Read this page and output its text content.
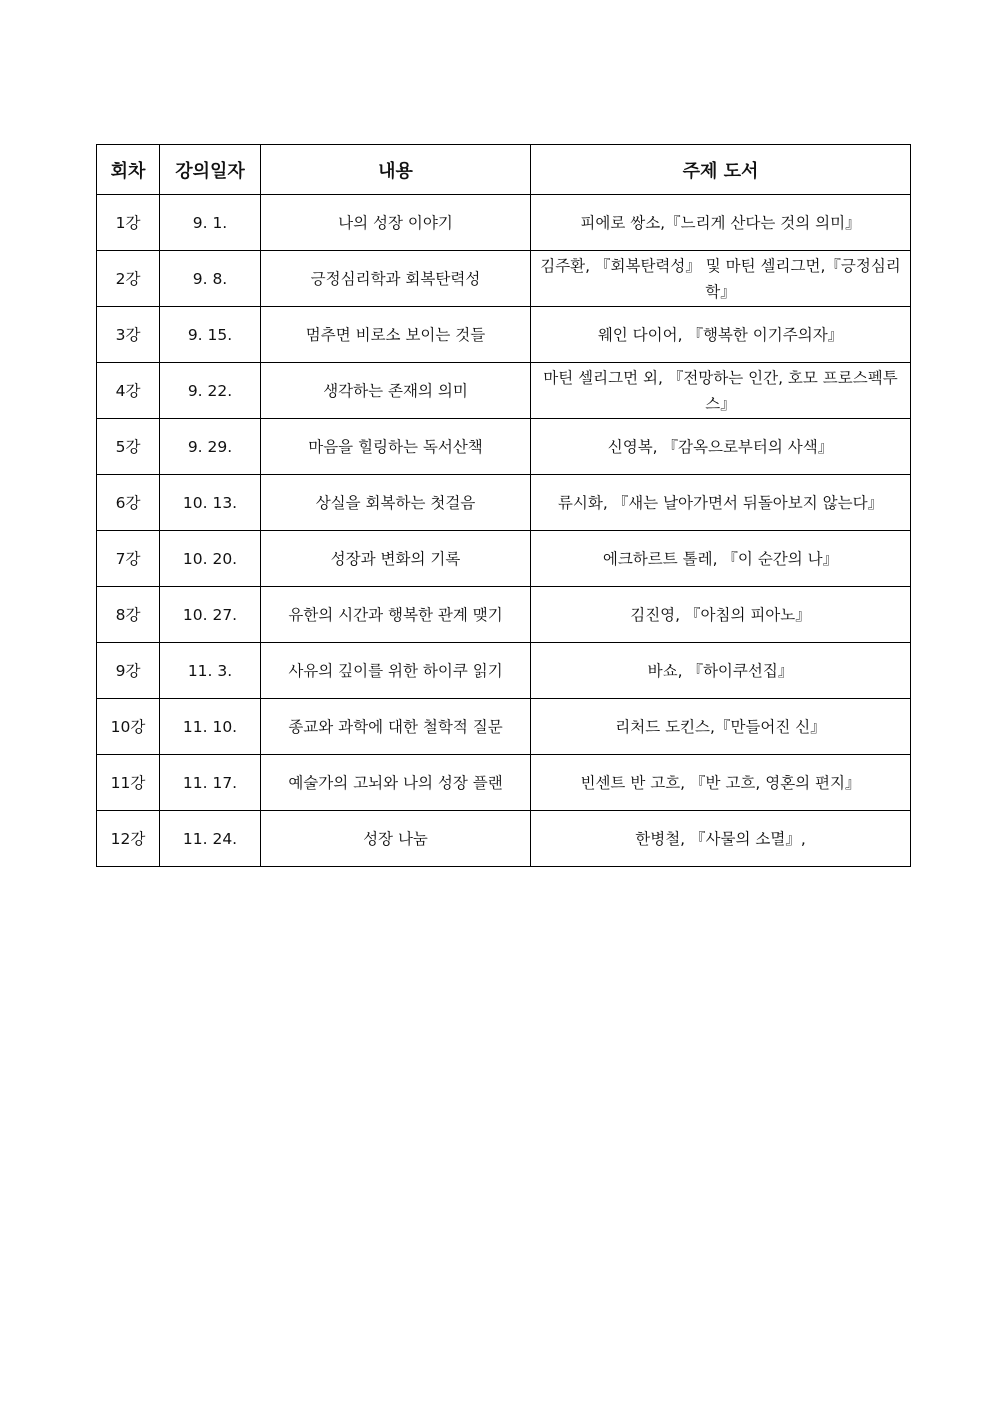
회차	강의일자	내용	주제 도서
1강	9. 1.	나의 성장 이야기	피에로 쌍소,『느리게 산다는 것의 의미』
2강	9. 8.	긍정심리학과 회복탄력성	김주환, 『회복탄력성』 및 마틴 셀리그먼,『긍정심리학』
3강	9. 15.	멈추면 비로소 보이는 것들	웨인 다이어, 『행복한 이기주의자』
4강	9. 22.	생각하는 존재의 의미	마틴 셀리그먼 외, 『전망하는 인간, 호모 프로스펙투스』
5강	9. 29.	마음을 힐링하는 독서산책	신영복, 『감옥으로부터의 사색』
6강	10. 13.	상실을 회복하는 첫걸음	류시화, 『새는 날아가면서 뒤돌아보지 않는다』
7강	10. 20.	성장과 변화의 기록	에크하르트 톨레, 『이 순간의 나』
8강	10. 27.	유한의 시간과 행복한 관계 맺기	김진영, 『아침의 피아노』
9강	11. 3.	사유의 깊이를 위한 하이쿠 읽기	바쇼, 『하이쿠선집』
10강	11. 10.	종교와 과학에 대한 철학적 질문	리처드 도킨스,『만들어진 신』
11강	11. 17.	예술가의 고뇌와 나의 성장 플랜	빈센트 반 고흐, 『반 고흐, 영혼의 편지』
12강	11. 24.	성장 나눔	한병철, 『사물의 소멸』,
